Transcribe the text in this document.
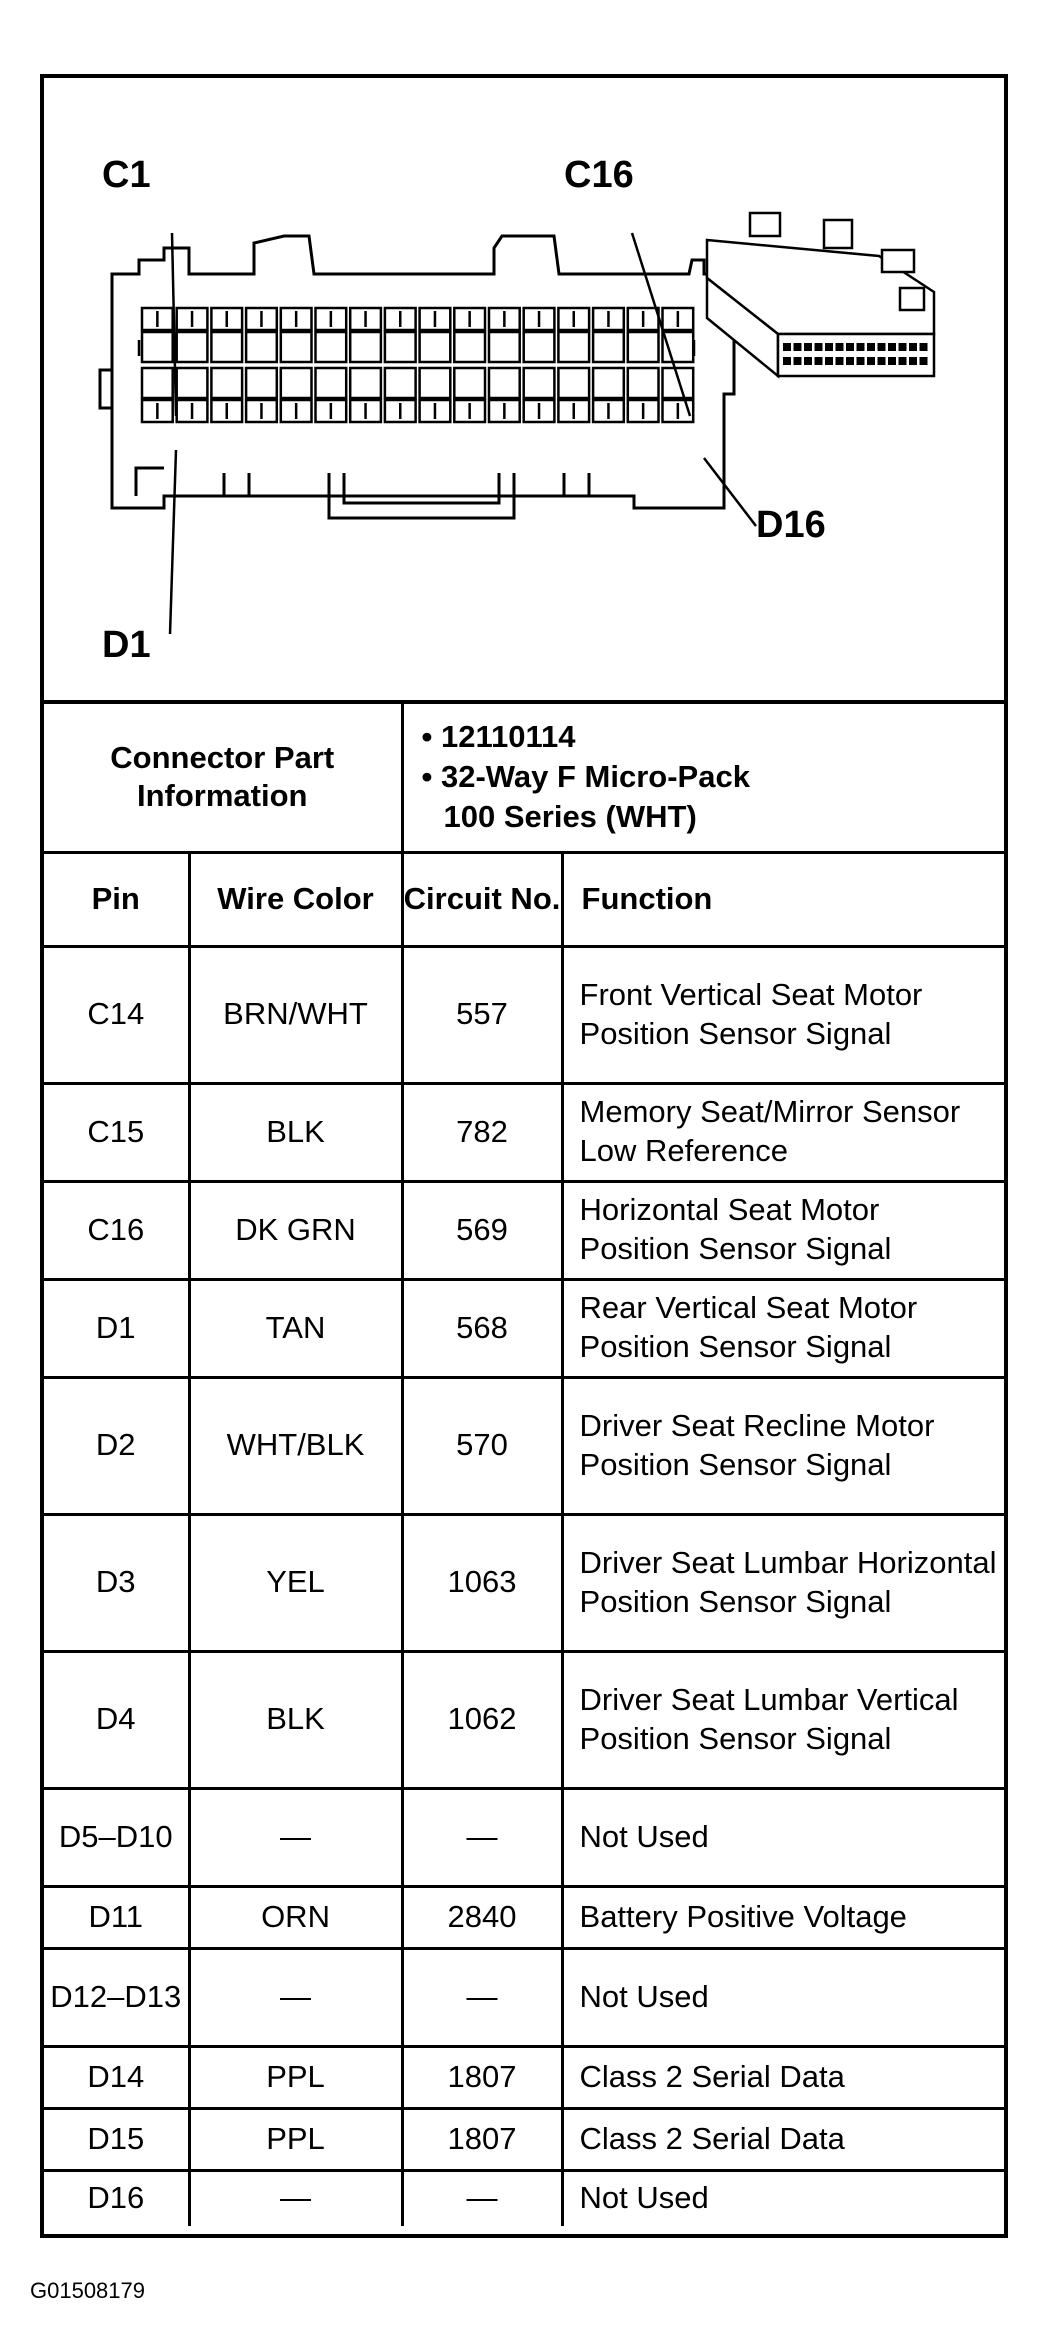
C1	C16
D1
D16
Connector Part Information		• 12110114
• 32-Way F Micro-Pack
100 Series (WHT)	

Pin	Wire Color	Circuit No.	Function
C14	BRN/WHT	557	Front Vertical Seat Motor Position Sensor Signal
C15	BLK	782	Memory Seat/Mirror Sensor Low Reference
C16	DK GRN	569	Horizontal Seat Motor Position Sensor Signal
D1	TAN	568	Rear Vertical Seat Motor Position Sensor Signal
D2	WHT/BLK	570	Driver Seat Recline Motor Position Sensor Signal
D3	YEL	1063	Driver Seat Lumbar Horizontal Position Sensor Signal
D4	BLK	1062	Driver Seat Lumbar Vertical Position Sensor Signal
D5–D10	—	—	Not Used
D11	ORN	2840	Battery Positive Voltage
D12–D13	—	—	Not Used
D14	PPL	1807	Class 2 Serial Data
D15	PPL	1807	Class 2 Serial Data
D16	—	—	Not Used
G01508179
